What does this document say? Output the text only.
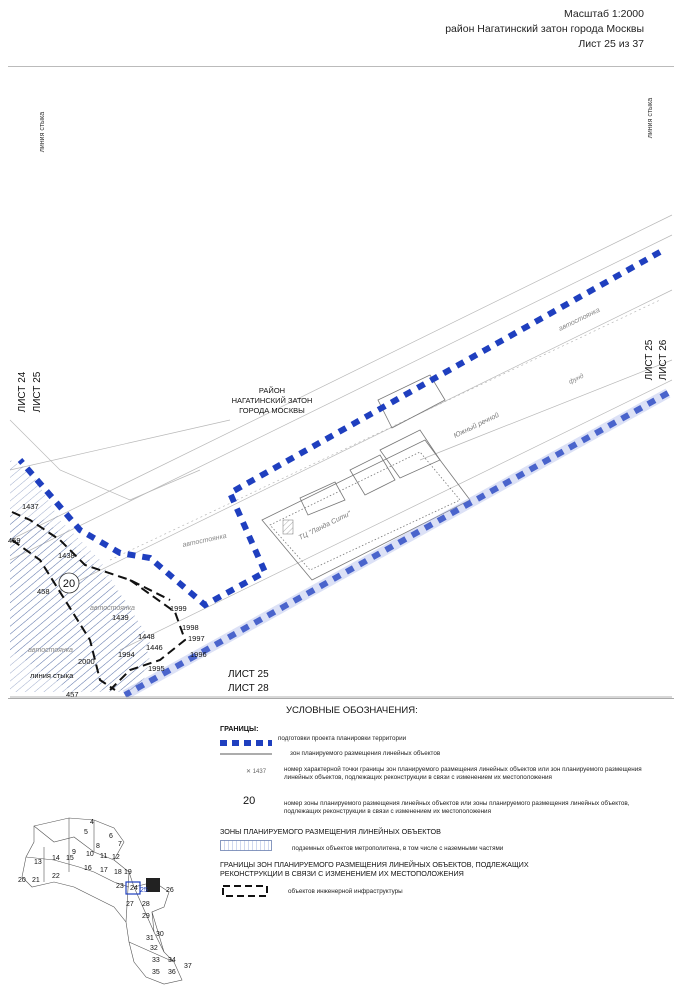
Масштаб 1:2000
район Нагатинский затон города Москвы
Лист 25 из 37
20
автостоянка
автостоянка
автостоянка
автостоянка
фунд
Южный речной
ТЦ "Ланда Сити"
РАЙОН
НАГАТИНСКИЙ ЗАТОН
ГОРОДА МОСКВЫ
1437
459
1438
458
1439
1999
1448
1998
1997
1446
1994	1996
2000
1995
457
линия стыка	линия стыка
линия стыка
ЛИСТ 24 ЛИСТ 25
ЛИСТ 25 ЛИСТ 26
ЛИСТ 25
ЛИСТ 28
УСЛОВНЫЕ ОБОЗНАЧЕНИЯ:
ГРАНИЦЫ:
подготовки проекта планировки территории
зон планируемого размещения линейных объектов
✕ 1437	номер характерной точки границы зон планируемого размещения линейных объектов или зон планируемого размещения линейных объектов, подлежащих реконструкции в связи с изменением их местоположения
20	номер зоны планируемого размещения линейных объектов или зоны планируемого размещения линейных объектов, подлежащих реконструкции в связи с изменением их местоположения
ЗОНЫ ПЛАНИРУЕМОГО РАЗМЕЩЕНИЯ ЛИНЕЙНЫХ ОБЪЕКТОВ
подземных объектов метрополитена, в том числе с наземными частями
ГРАНИЦЫ ЗОН ПЛАНИРУЕМОГО РАЗМЕЩЕНИЯ ЛИНЕЙНЫХ ОБЪЕКТОВ, ПОДЛЕЖАЩИХ РЕКОНСТРУКЦИИ В СВЯЗИ С ИЗМЕНЕНИЕМ ИХ МЕСТОПОЛОЖЕНИЯ
объектов инженерной инфраструктуры
4
5
6
7
8
9 10 11 12
13
14 15
16 17 18 19
20 21
22
23 24 25	26
27 28
29
30
31
32
33 34
35 36
37
